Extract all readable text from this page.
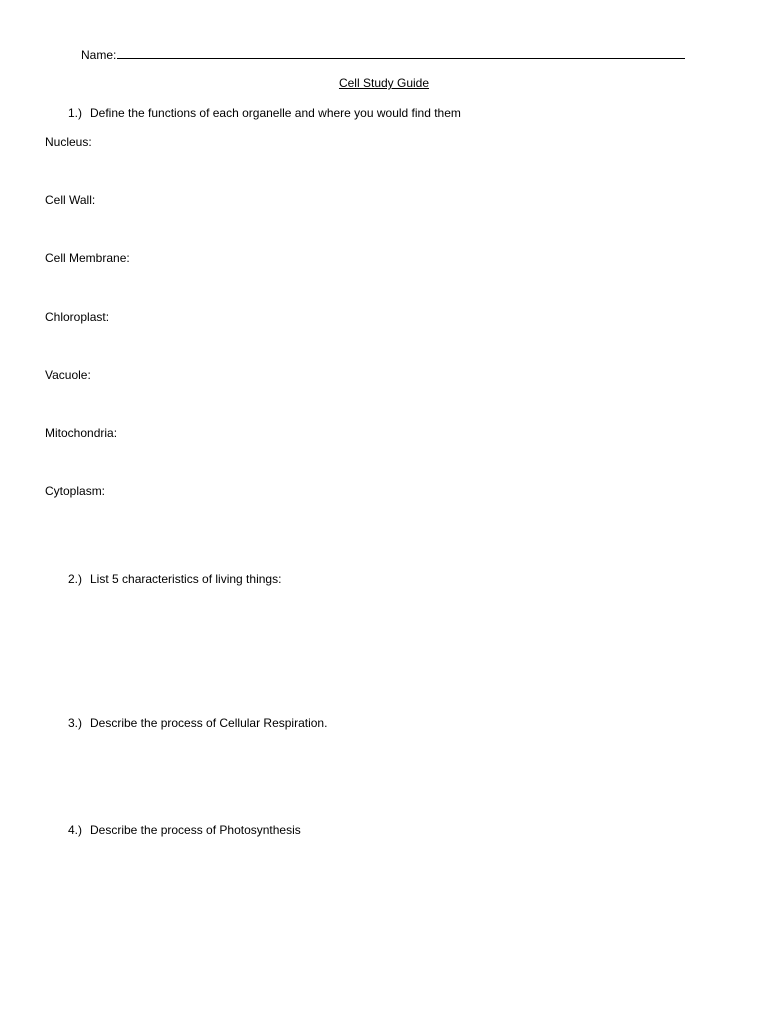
Name:
Cell Study Guide
1.) Define the functions of each organelle and where you would find them
Nucleus:
Cell Wall:
Cell Membrane:
Chloroplast:
Vacuole:
Mitochondria:
Cytoplasm:
2.) List 5 characteristics of living things:
3.) Describe the process of Cellular Respiration.
4.) Describe the process of Photosynthesis
